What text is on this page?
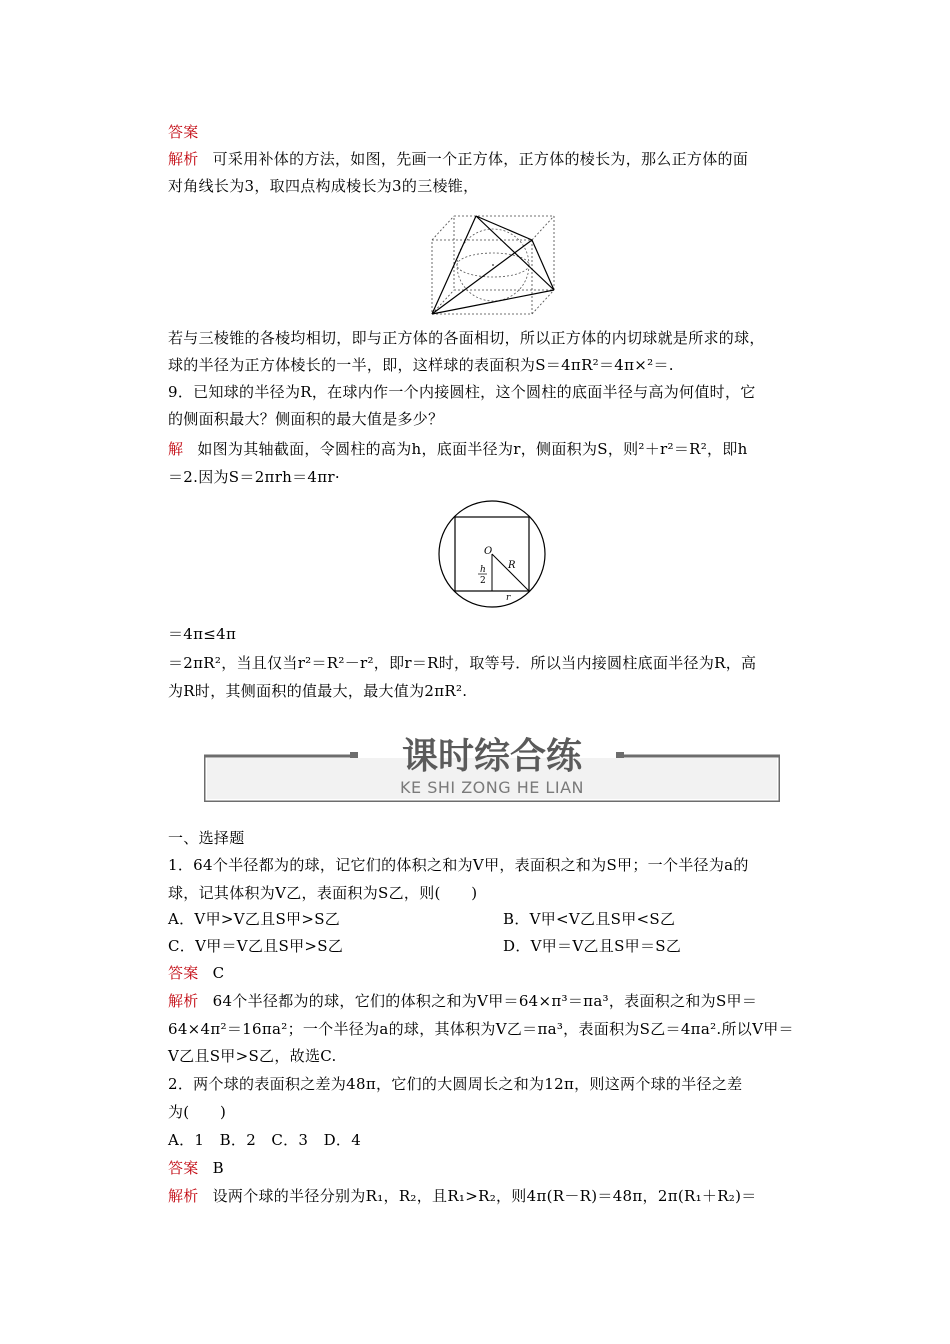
答案
解析 可采用补体的方法，如图，先画一个正方体，正方体的棱长为，那么正方体的面
对角线长为3，取四点构成棱长为3的三棱锥，
若与三棱锥的各棱均相切，即与正方体的各面相切，所以正方体的内切球就是所求的球，
球的半径为正方体棱长的一半，即，这样球的表面积为S＝4πR²＝4π×²＝.
9．已知球的半径为R，在球内作一个内接圆柱，这个圆柱的底面半径与高为何值时，它
的侧面积最大？侧面积的最大值是多少？
解 如图为其轴截面，令圆柱的高为h，底面半径为r，侧面积为S，则²＋r²＝R²，即h
＝2.因为S＝2πrh＝4πr·
O
h
2
R
r
＝4π≤4π
＝2πR²，当且仅当r²＝R²－r²，即r＝R时，取等号．所以当内接圆柱底面半径为R，高
为R时，其侧面积的值最大，最大值为2πR².
课时综合练
KE SHI ZONG HE LIAN
一、选择题
1．64个半径都为的球，记它们的体积之和为V甲，表面积之和为S甲；一个半径为a的
球，记其体积为V乙，表面积为S乙，则(　　)
A．V甲>V乙且S甲>S乙	B．V甲<V乙且S甲<S乙
C．V甲＝V乙且S甲>S乙	D．V甲＝V乙且S甲＝S乙
答案 C
解析 64个半径都为的球，它们的体积之和为V甲＝64×π³＝πa³，表面积之和为S甲＝
64×4π²＝16πa²；一个半径为a的球，其体积为V乙＝πa³，表面积为S乙＝4πa².所以V甲＝
V乙且S甲>S乙，故选C.
2．两个球的表面积之差为48π，它们的大圆周长之和为12π，则这两个球的半径之差
为(　　)
A．1　B．2　C．3　D．4
答案 B
解析 设两个球的半径分别为R₁，R₂，且R₁>R₂，则4π(R－R)＝48π，2π(R₁＋R₂)＝
